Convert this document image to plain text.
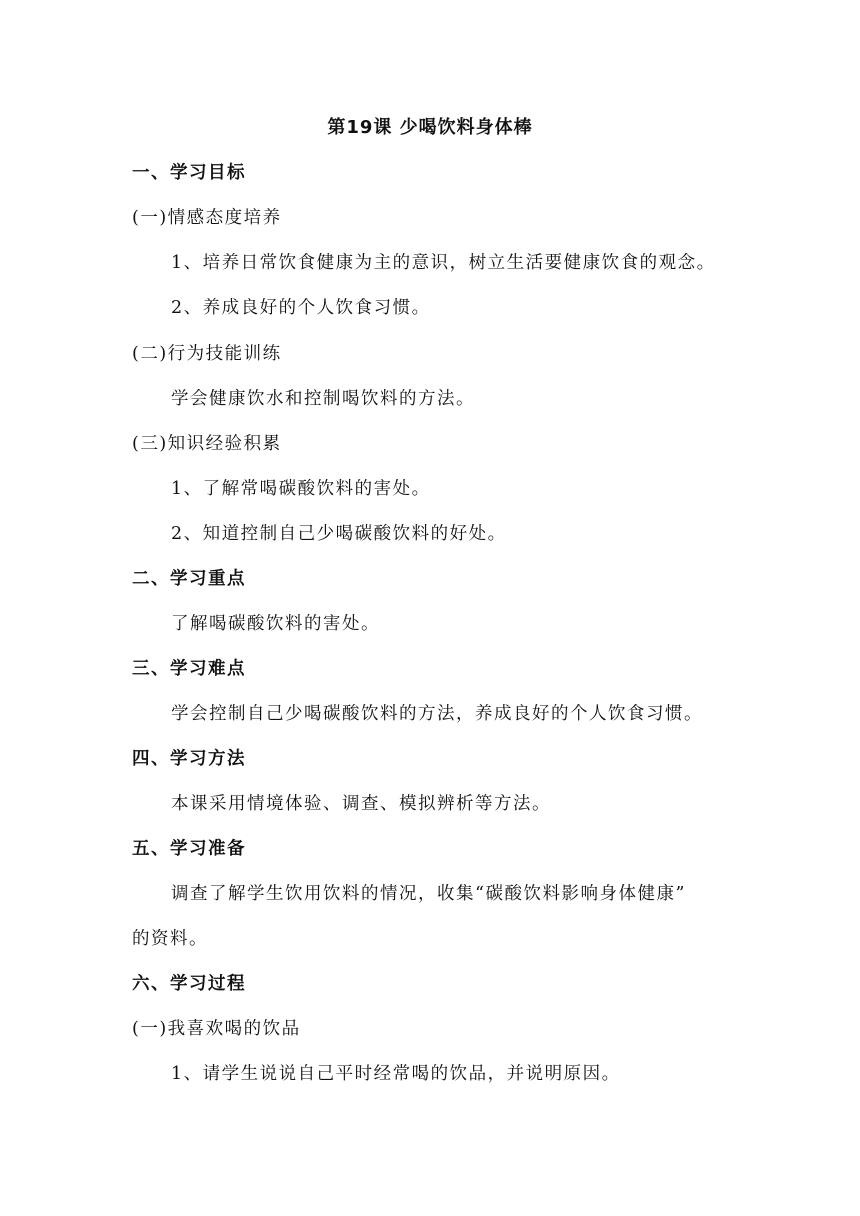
第19课 少喝饮料身体棒
一、学习目标
(一)情感态度培养
1、培养日常饮食健康为主的意识，树立生活要健康饮食的观念。
2、养成良好的个人饮食习惯。
(二)行为技能训练
学会健康饮水和控制喝饮料的方法。
(三)知识经验积累
1、了解常喝碳酸饮料的害处。
2、知道控制自己少喝碳酸饮料的好处。
二、学习重点
了解喝碳酸饮料的害处。
三、学习难点
学会控制自己少喝碳酸饮料的方法，养成良好的个人饮食习惯。
四、学习方法
本课采用情境体验、调查、模拟辨析等方法。
五、学习准备
调查了解学生饮用饮料的情况，收集“碳酸饮料影响身体健康”
的资料。
六、学习过程
(一)我喜欢喝的饮品
1、请学生说说自己平时经常喝的饮品，并说明原因。
